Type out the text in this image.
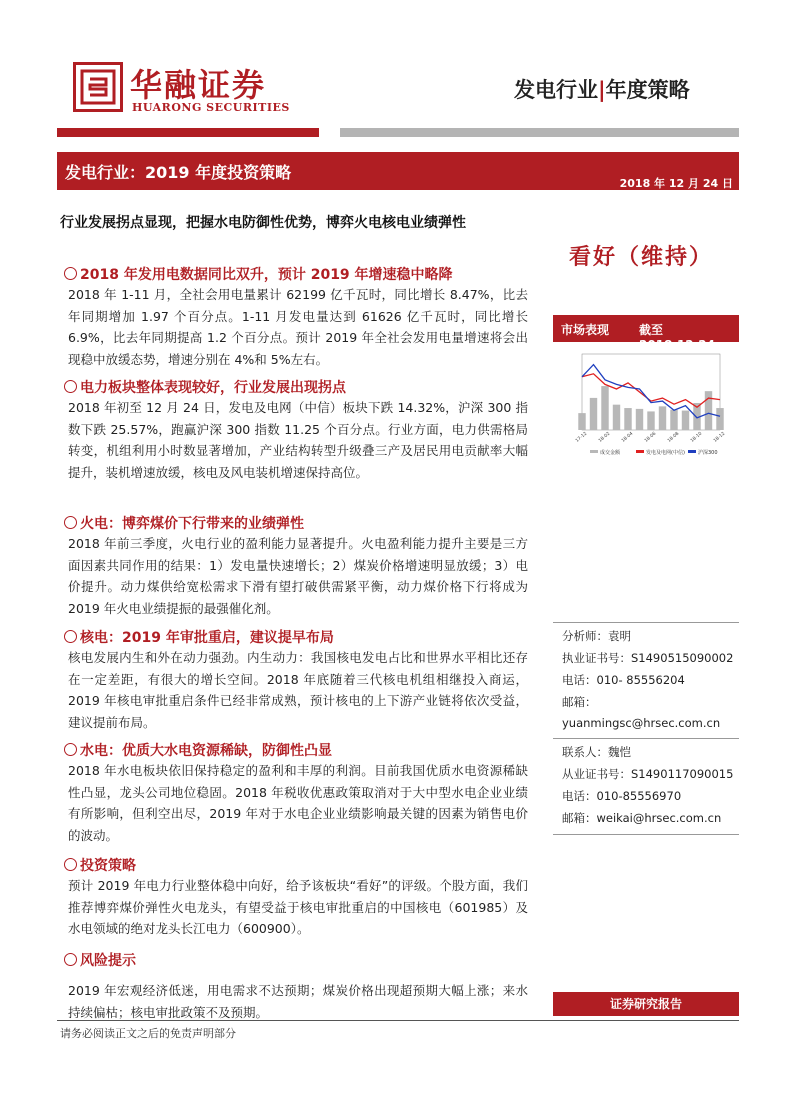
华融证券
HUARONG SECURITIES
发电行业|年度策略
发电行业：2019 年度投资策略
2018 年 12 月 24 日
行业发展拐点显现，把握水电防御性优势，博弈火电核电业绩弹性
2018 年发用电数据同比双升，预计 2019 年增速稳中略降
2018 年 1-11 月，全社会用电量累计 62199 亿千瓦时，同比增长 8.47%，比去年同期增加 1.97 个百分点。1-11 月发电量达到 61626 亿千瓦时，同比增长 6.9%，比去年同期提高 1.2 个百分点。预计 2019 年全社会发用电量增速将会出现稳中放缓态势，增速分别在 4%和 5%左右。
电力板块整体表现较好，行业发展出现拐点
2018 年初至 12 月 24 日，发电及电网（中信）板块下跌 14.32%，沪深 300 指数下跌 25.57%，跑赢沪深 300 指数 11.25 个百分点。行业方面，电力供需格局转变，机组利用小时数显著增加，产业结构转型升级叠三产及居民用电贡献率大幅提升，装机增速放缓，核电及风电装机增速保持高位。
火电：博弈煤价下行带来的业绩弹性
2018 年前三季度，火电行业的盈利能力显著提升。火电盈利能力提升主要是三方面因素共同作用的结果：1）发电量快速增长；2）煤炭价格增速明显放缓；3）电价提升。动力煤供给宽松需求下滑有望打破供需紧平衡，动力煤价格下行将成为 2019 年火电业绩提振的最强催化剂。
核电：2019 年审批重启，建议提早布局
核电发展内生和外在动力强劲。内生动力：我国核电发电占比和世界水平相比还存在一定差距，有很大的增长空间。2018 年底随着三代核电机组相继投入商运，2019 年核电审批重启条件已经非常成熟，预计核电的上下游产业链将依次受益，建议提前布局。
水电：优质大水电资源稀缺，防御性凸显
2018 年水电板块依旧保持稳定的盈利和丰厚的利润。目前我国优质水电资源稀缺性凸显，龙头公司地位稳固。2018 年税收优惠政策取消对于大中型水电企业业绩有所影响，但利空出尽，2019 年对于水电企业业绩影响最关键的因素为销售电价的波动。
投资策略
预计 2019 年电力行业整体稳中向好，给予该板块“看好”的评级。个股方面，我们推荐博弈煤价弹性火电龙头，有望受益于核电审批重启的中国核电（601985）及水电领域的绝对龙头长江电力（600900）。
风险提示
2019 年宏观经济低迷，用电需求不达预期；煤炭价格出现超预期大幅上涨；来水持续偏枯；核电审批政策不及预期。
看好（维持）
市场表现 截至 2018.12.24
17-12 18-02 18-04 18-06 18-08 18-10 18-12
成交金额	发电及电网(中信)	沪深300
分析师：袁明
执业证书号：S1490515090002
电话：010- 85556204
邮箱：
yuanmingsc@hrsec.com.cn
联系人：魏恺
从业证书号：S1490117090015
电话：010-85556970
邮箱：weikai@hrsec.com.cn
证券研究报告
请务必阅读正文之后的免责声明部分
